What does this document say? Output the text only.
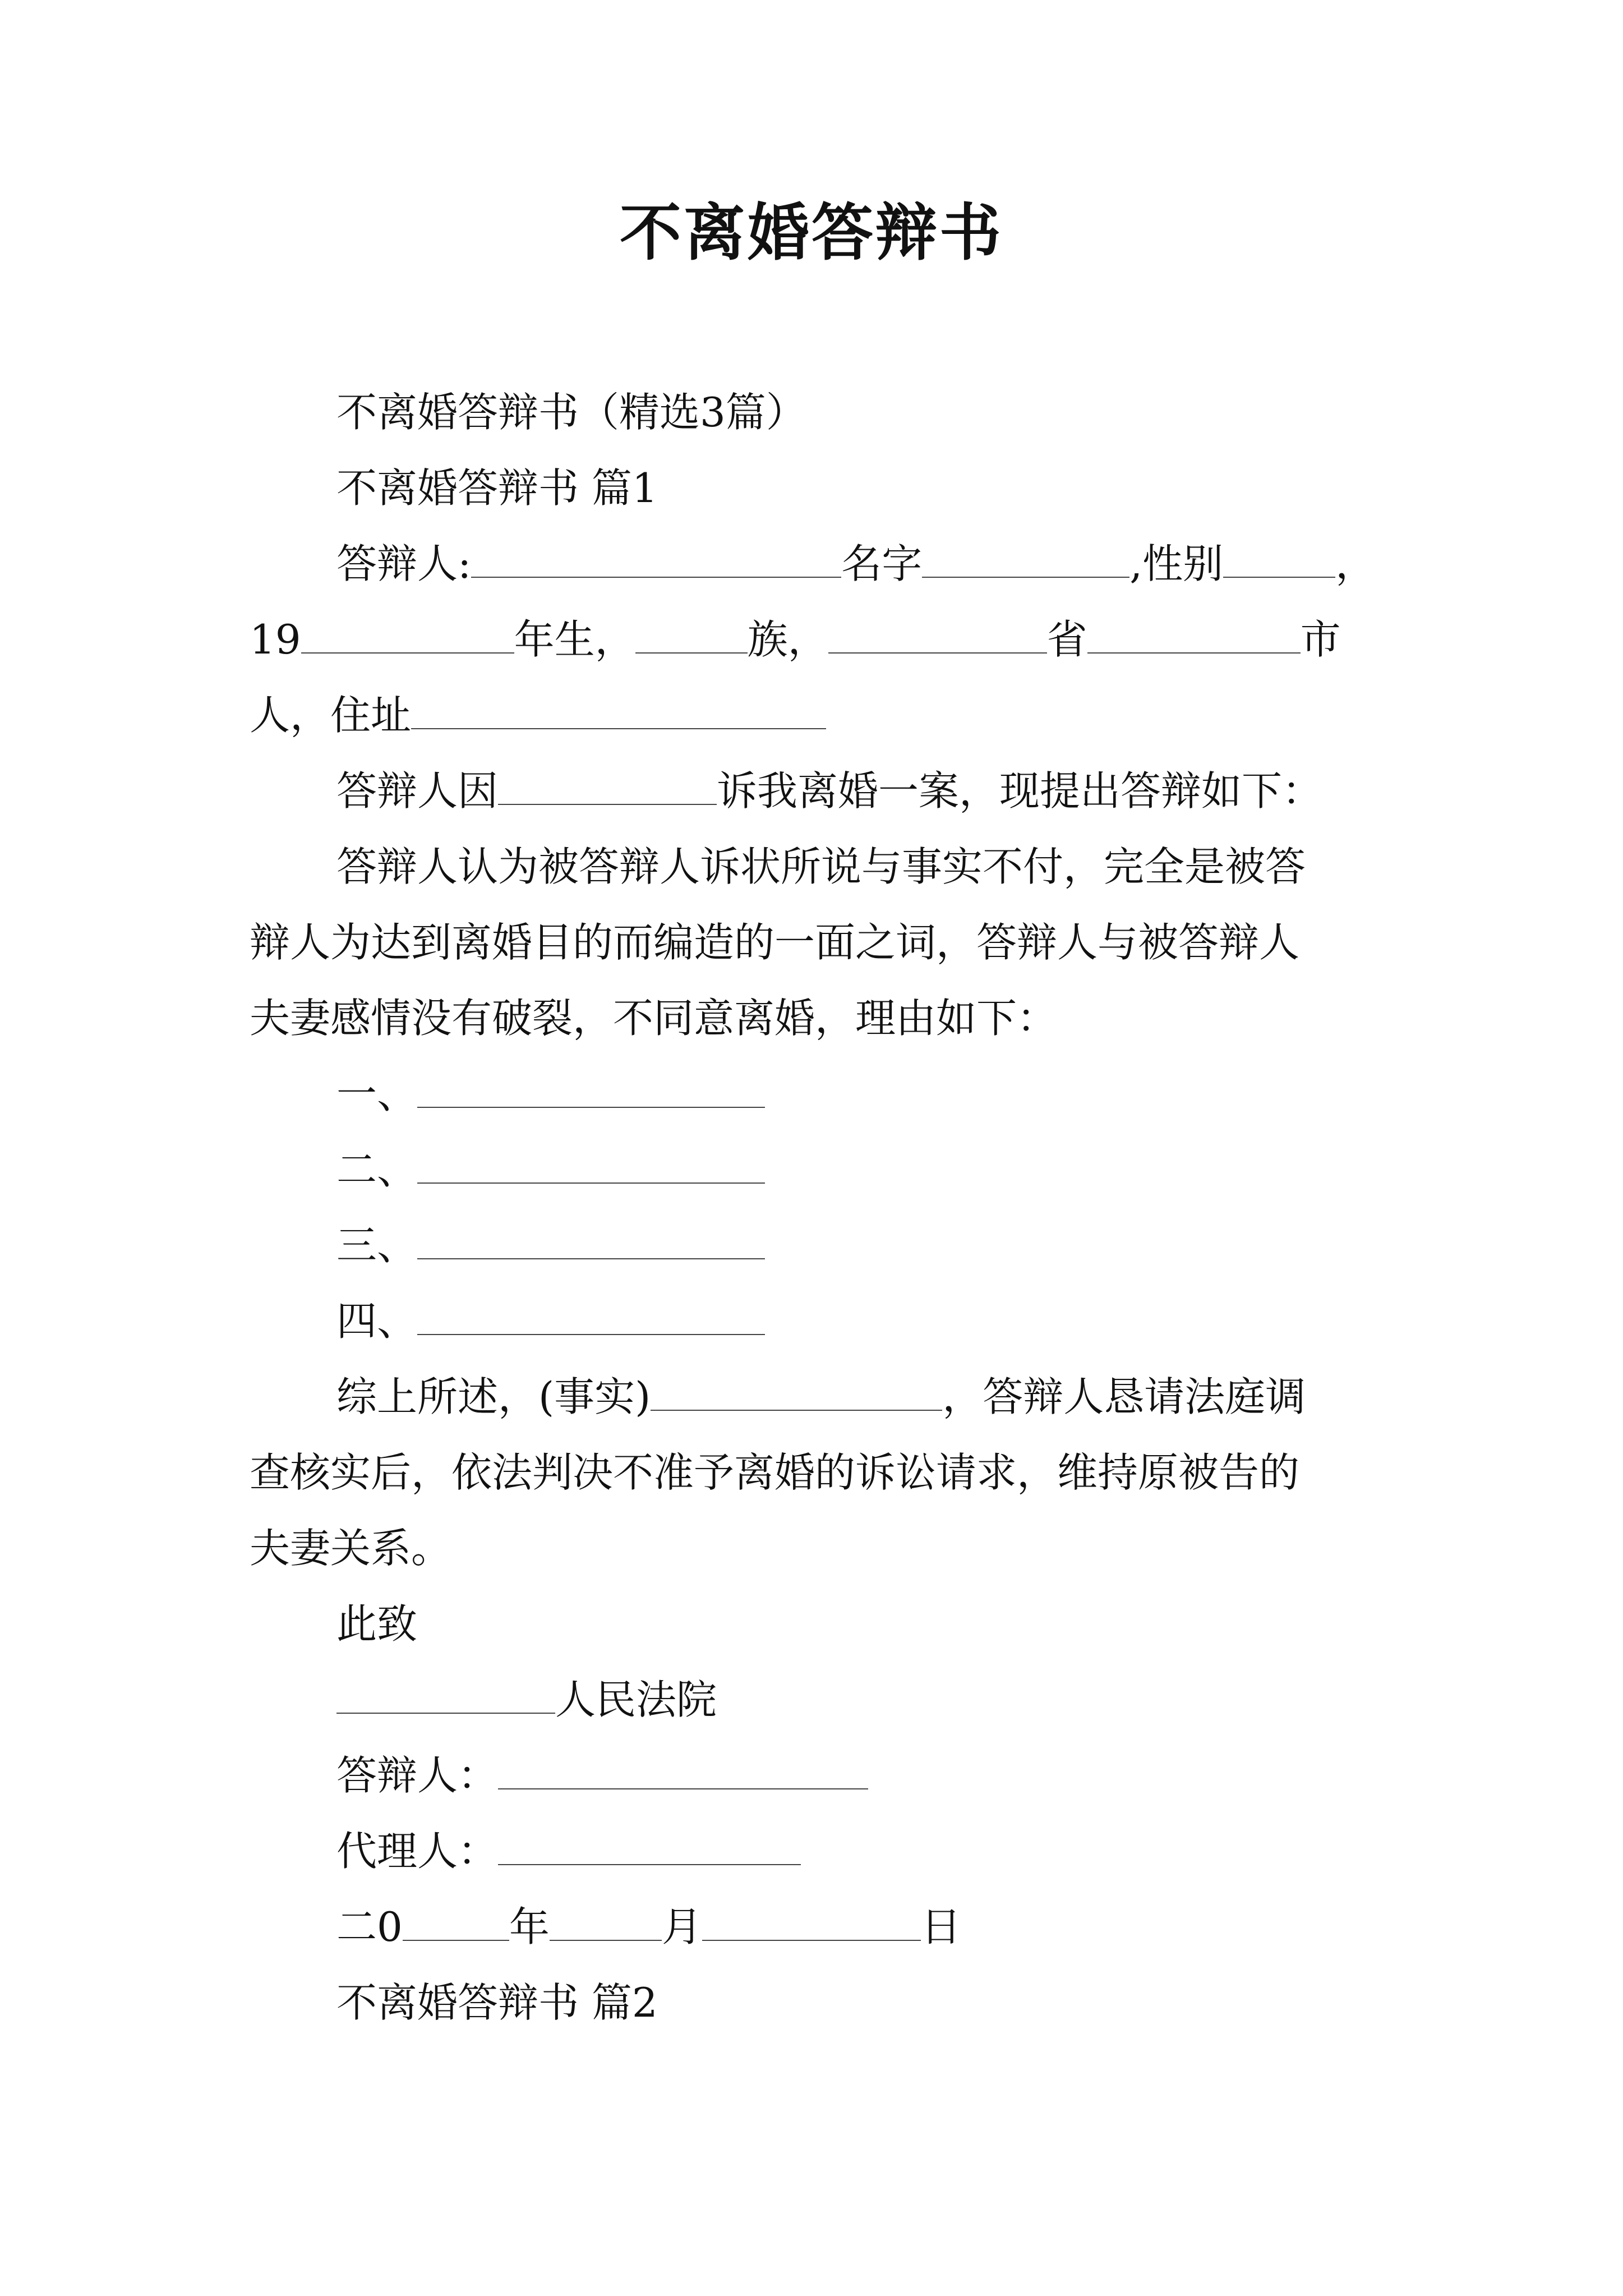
不离婚答辩书
不离婚答辩书（精选3篇）
不离婚答辩书 篇1
答辩人:	名字	,性别	，
19	年生，	族，	省	市
人，住址
答辩人因	诉我离婚一案，现提出答辩如下：
答辩人认为被答辩人诉状所说与事实不付，完全是被答
辩人为达到离婚目的而编造的一面之词，答辩人与被答辩人
夫妻感情没有破裂，不同意离婚，理由如下：
一、
二、
三、
四、
综上所述，(事实)	，答辩人恳请法庭调
查核实后，依法判决不准予离婚的诉讼请求，维持原被告的
夫妻关系。
此致
人民法院
答辩人：
代理人：
二0	年	月	日
不离婚答辩书 篇2
